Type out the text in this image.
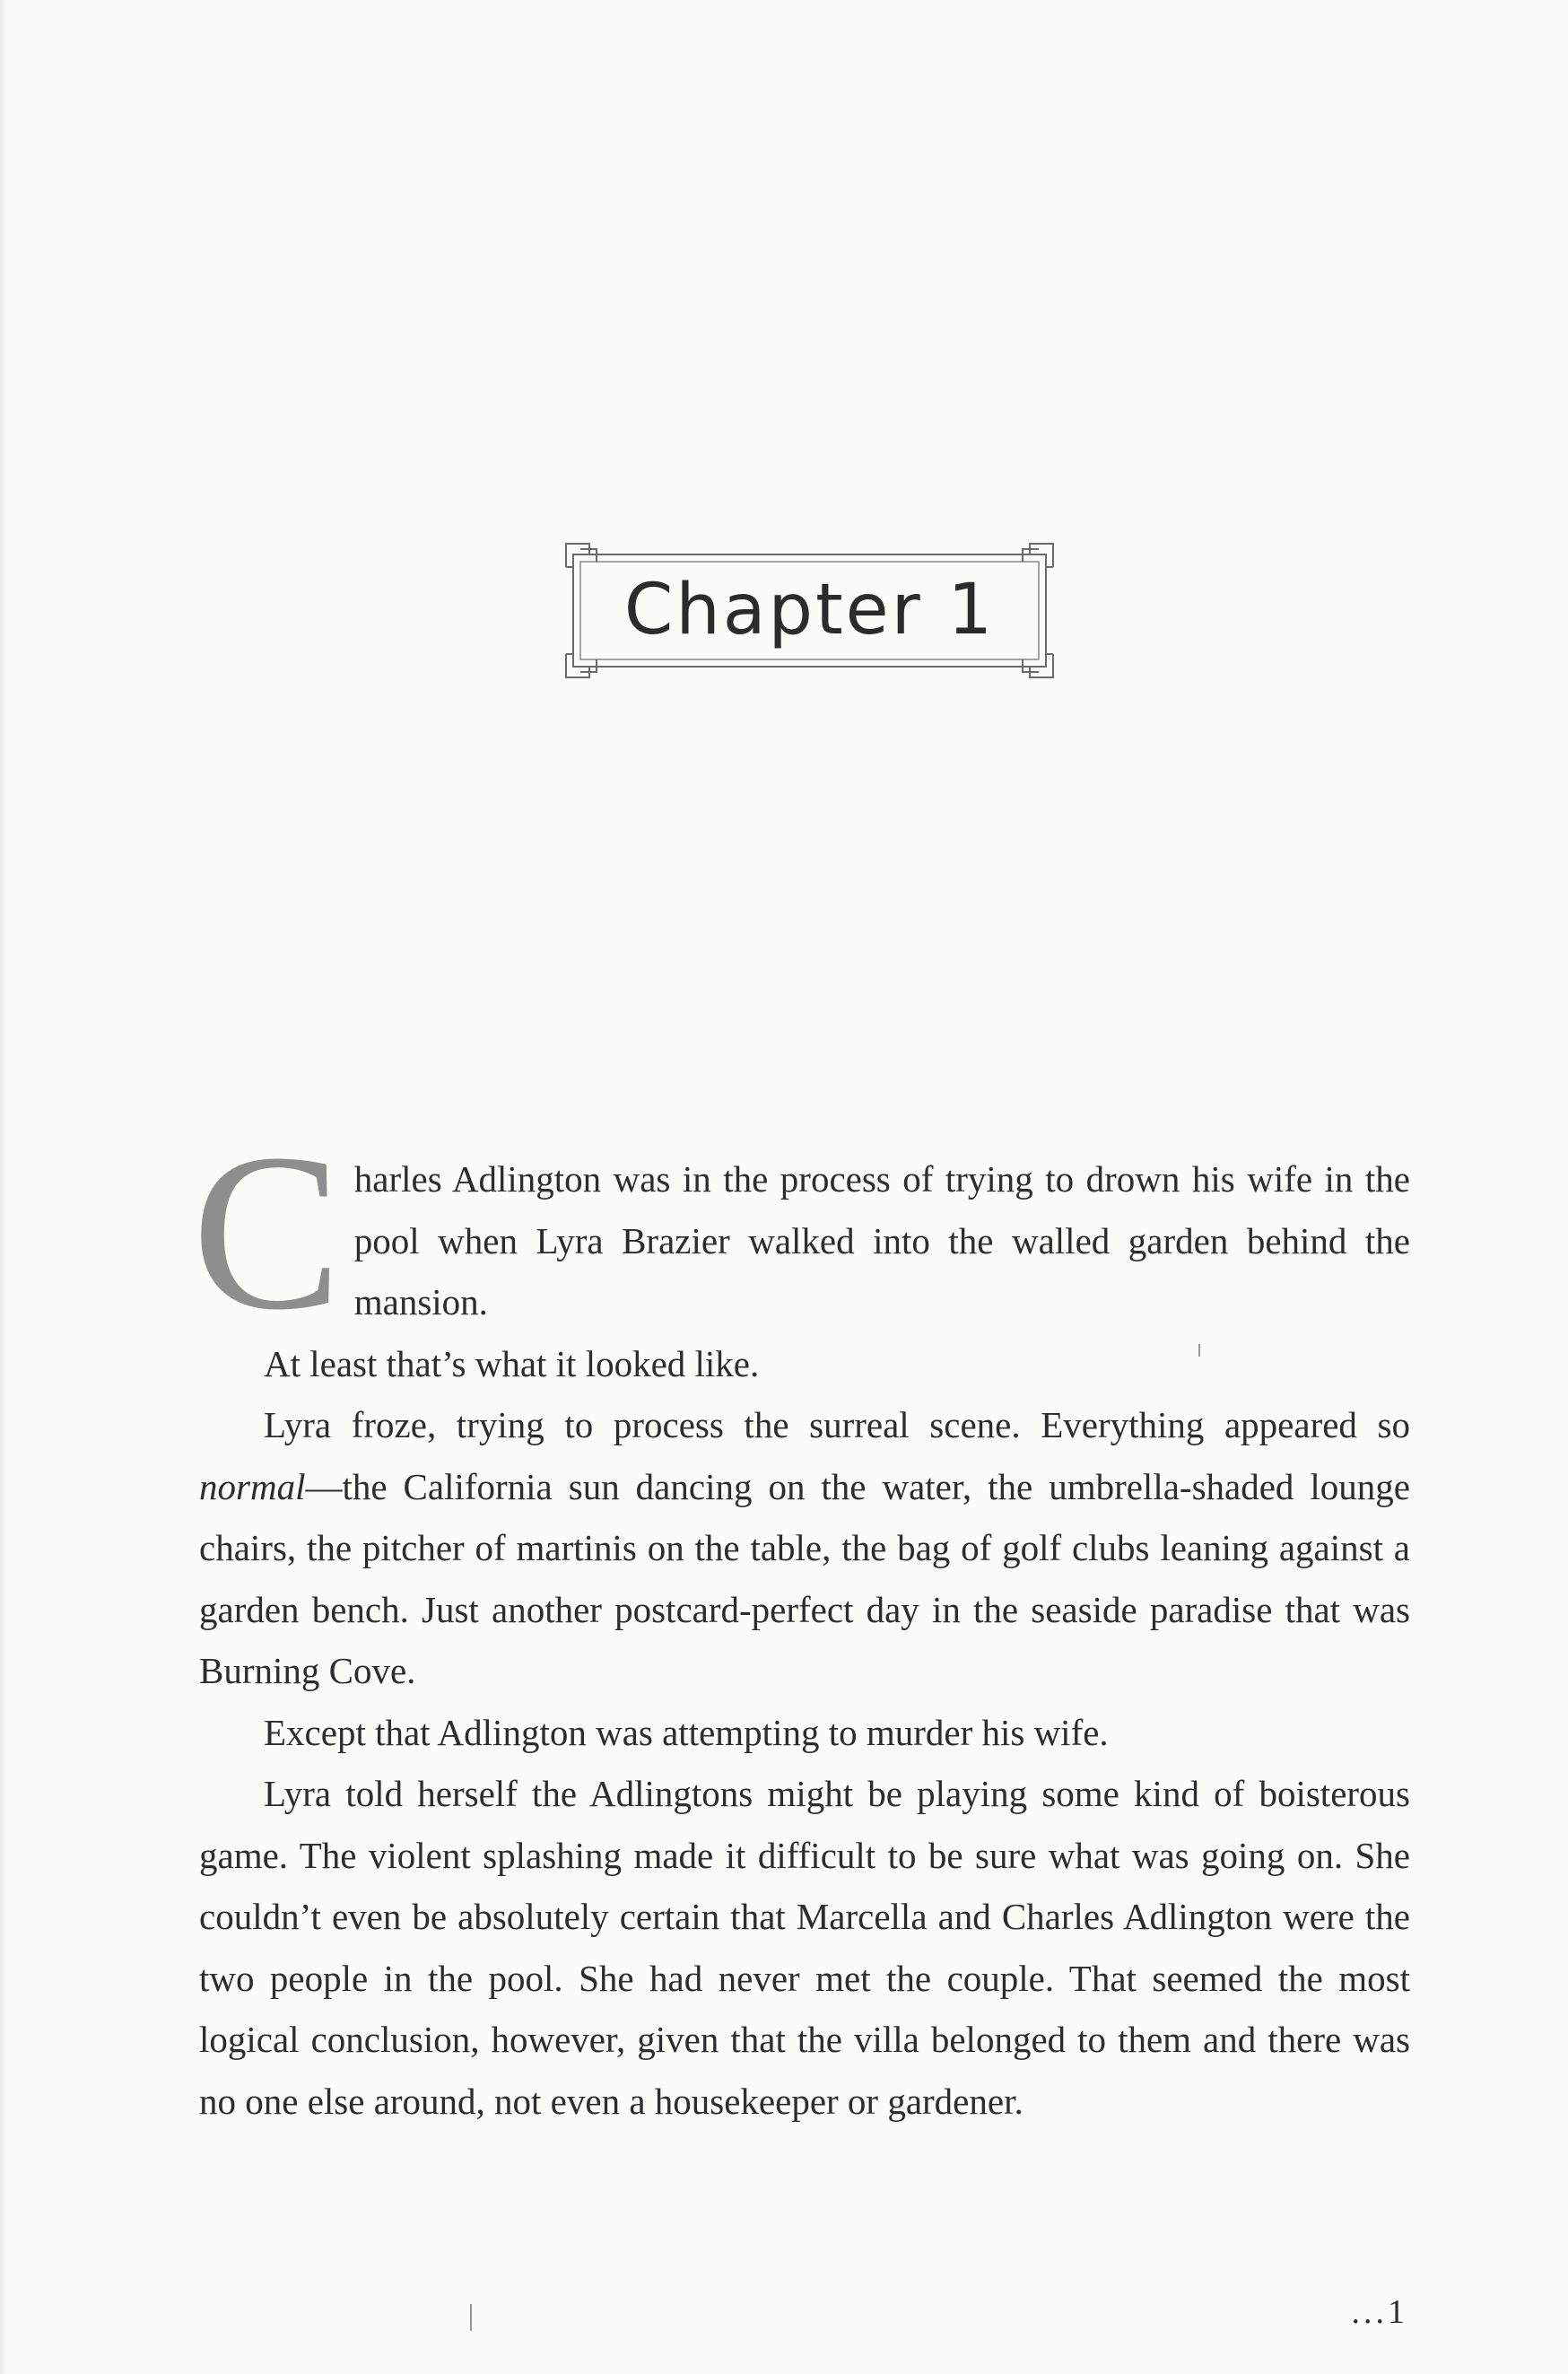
Chapter 1

Charles Adlington was in the process of trying to drown his wife in the pool when Lyra Brazier walked into the walled garden behind the mansion.

At least that’s what it looked like.

Lyra froze, trying to process the surreal scene. Everything appeared so normal—the California sun dancing on the water, the umbrella-shaded lounge chairs, the pitcher of martinis on the table, the bag of golf clubs leaning against a garden bench. Just another postcard-perfect day in the seaside paradise that was Burning Cove.

Except that Adlington was attempting to murder his wife.

Lyra told herself the Adlingtons might be playing some kind of boisterous game. The violent splashing made it difficult to be sure what was going on. She couldn’t even be absolutely certain that Marcella and Charles Adlington were the two people in the pool. She had never met the couple. That seemed the most logical conclusion, however, given that the villa belonged to them and there was no one else around, not even a housekeeper or gardener.

...1
